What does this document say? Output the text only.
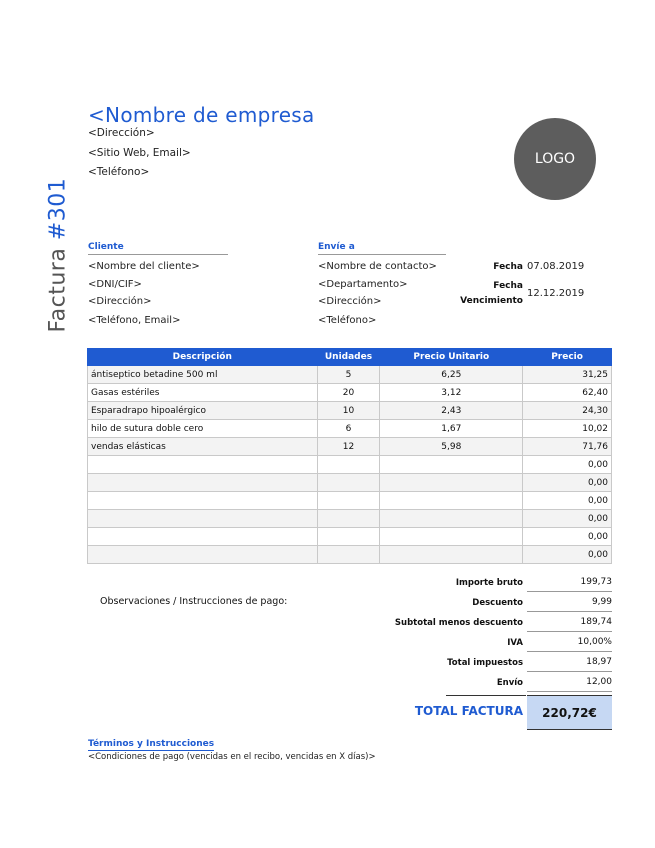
<Nombre de empresa
<Dirección>
<Sitio Web, Email>
<Teléfono>
LOGO
Factura #301
Cliente
<Nombre del cliente>
<DNI/CIF>
<Dirección>
<Teléfono, Email>
Envíe a
<Nombre de contacto>
<Departamento>
<Dirección>
<Teléfono>
Fecha 07.08.2019
Fecha
Vencimiento
12.12.2019
Descripción	Unidades	Precio Unitario	Precio
ántiseptico betadine 500 ml	5	6,25	31,25
Gasas estériles	20	3,12	62,40
Esparadrapo hipoalérgico	10	2,43	24,30
hilo de sutura doble cero	6	1,67	10,02
vendas elásticas	12	5,98	71,76
			0,00
			0,00
			0,00
			0,00
			0,00
			0,00
Observaciones / Instrucciones de pago:
Importe bruto	199,73
Descuento	9,99
Subtotal menos descuento	189,74
IVA	10,00%
Total impuestos	18,97
Envío	12,00
TOTAL FACTURA	220,72€
Términos y Instrucciones
<Condiciones de pago (vencidas en el recibo, vencidas en X días)>
